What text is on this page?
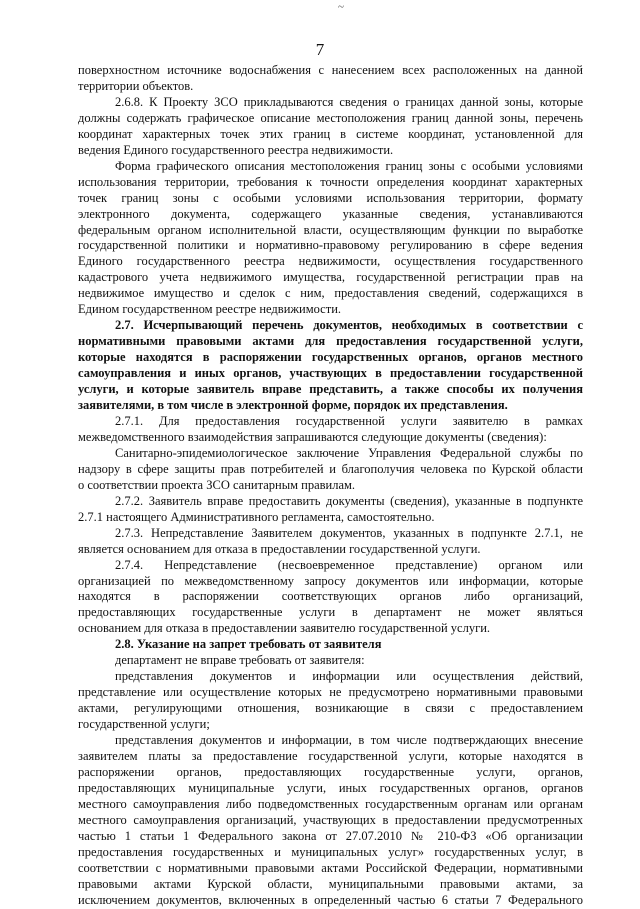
~
7

поверхностном источнике водоснабжения с нанесением всех расположенных на данной

территории объектов.

2.6.8. К Проекту ЗСО прикладываются сведения о границах данной зоны, которые

должны содержать графическое описание местоположения границ данной зоны, перечень

координат характерных точек этих границ в системе координат, установленной для

ведения Единого государственного реестра недвижимости.

Форма графического описания местоположения границ зоны с особыми условиями

использования территории, требования к точности определения координат характерных

точек границ зоны с особыми условиями использования территории, формату

электронного документа, содержащего указанные сведения, устанавливаются

федеральным органом исполнительной власти, осуществляющим функции по выработке

государственной политики и нормативно-правовому регулированию в сфере ведения

Единого государственного реестра недвижимости, осуществления государственного

кадастрового учета недвижимого имущества, государственной регистрации прав на

недвижимое имущество и сделок с ним, предоставления сведений, содержащихся в

Едином государственном реестре недвижимости.

2.7. Исчерпывающий перечень документов, необходимых в соответствии с

нормативными правовыми актами для предоставления государственной услуги,

которые находятся в распоряжении государственных органов, органов местного

самоуправления и иных органов, участвующих в предоставлении государственной

услуги, и которые заявитель вправе представить, а также способы их получения

заявителями, в том числе в электронной форме, порядок их представления.

2.7.1. Для предоставления государственной услуги заявителю в рамках

межведомственного взаимодействия запрашиваются следующие документы (сведения):

Санитарно-эпидемиологическое заключение Управления Федеральной службы по

надзору в сфере защиты прав потребителей и благополучия человека по Курской области

о соответствии проекта ЗСО санитарным правилам.

2.7.2. Заявитель вправе предоставить документы (сведения), указанные в подпункте

2.7.1 настоящего Административного регламента, самостоятельно.

2.7.3. Непредставление Заявителем документов, указанных в подпункте 2.7.1, не

является основанием для отказа в предоставлении государственной услуги.

2.7.4. Непредставление (несвоевременное представление) органом или

организацией по межведомственному запросу документов или информации, которые

находятся в распоряжении соответствующих органов либо организаций,

предоставляющих государственные услуги в департамент не может являться

основанием для отказа в предоставлении заявителю государственной услуги.

2.8. Указание на запрет требовать от заявителя

департамент не вправе требовать от заявителя:

представления документов и информации или осуществления действий,

представление или осуществление которых не предусмотрено нормативными правовыми

актами, регулирующими отношения, возникающие в связи с предоставлением

государственной услуги;

представления документов и информации, в том числе подтверждающих внесение

заявителем платы за предоставление государственной услуги, которые находятся в

распоряжении органов, предоставляющих государственные услуги, органов,

предоставляющих муниципальные услуги, иных государственных органов, органов

местного самоуправления либо подведомственных государственным органам или органам

местного самоуправления организаций, участвующих в предоставлении предусмотренных

частью 1 статьи 1 Федерального закона от 27.07.2010 № 210-ФЗ «Об организации

предоставления государственных и муниципальных услуг» государственных услуг, в

соответствии с нормативными правовыми актами Российской Федерации, нормативными

правовыми актами Курской области, муниципальными правовыми актами, за

исключением документов, включенных в определенный частью 6 статьи 7 Федерального
